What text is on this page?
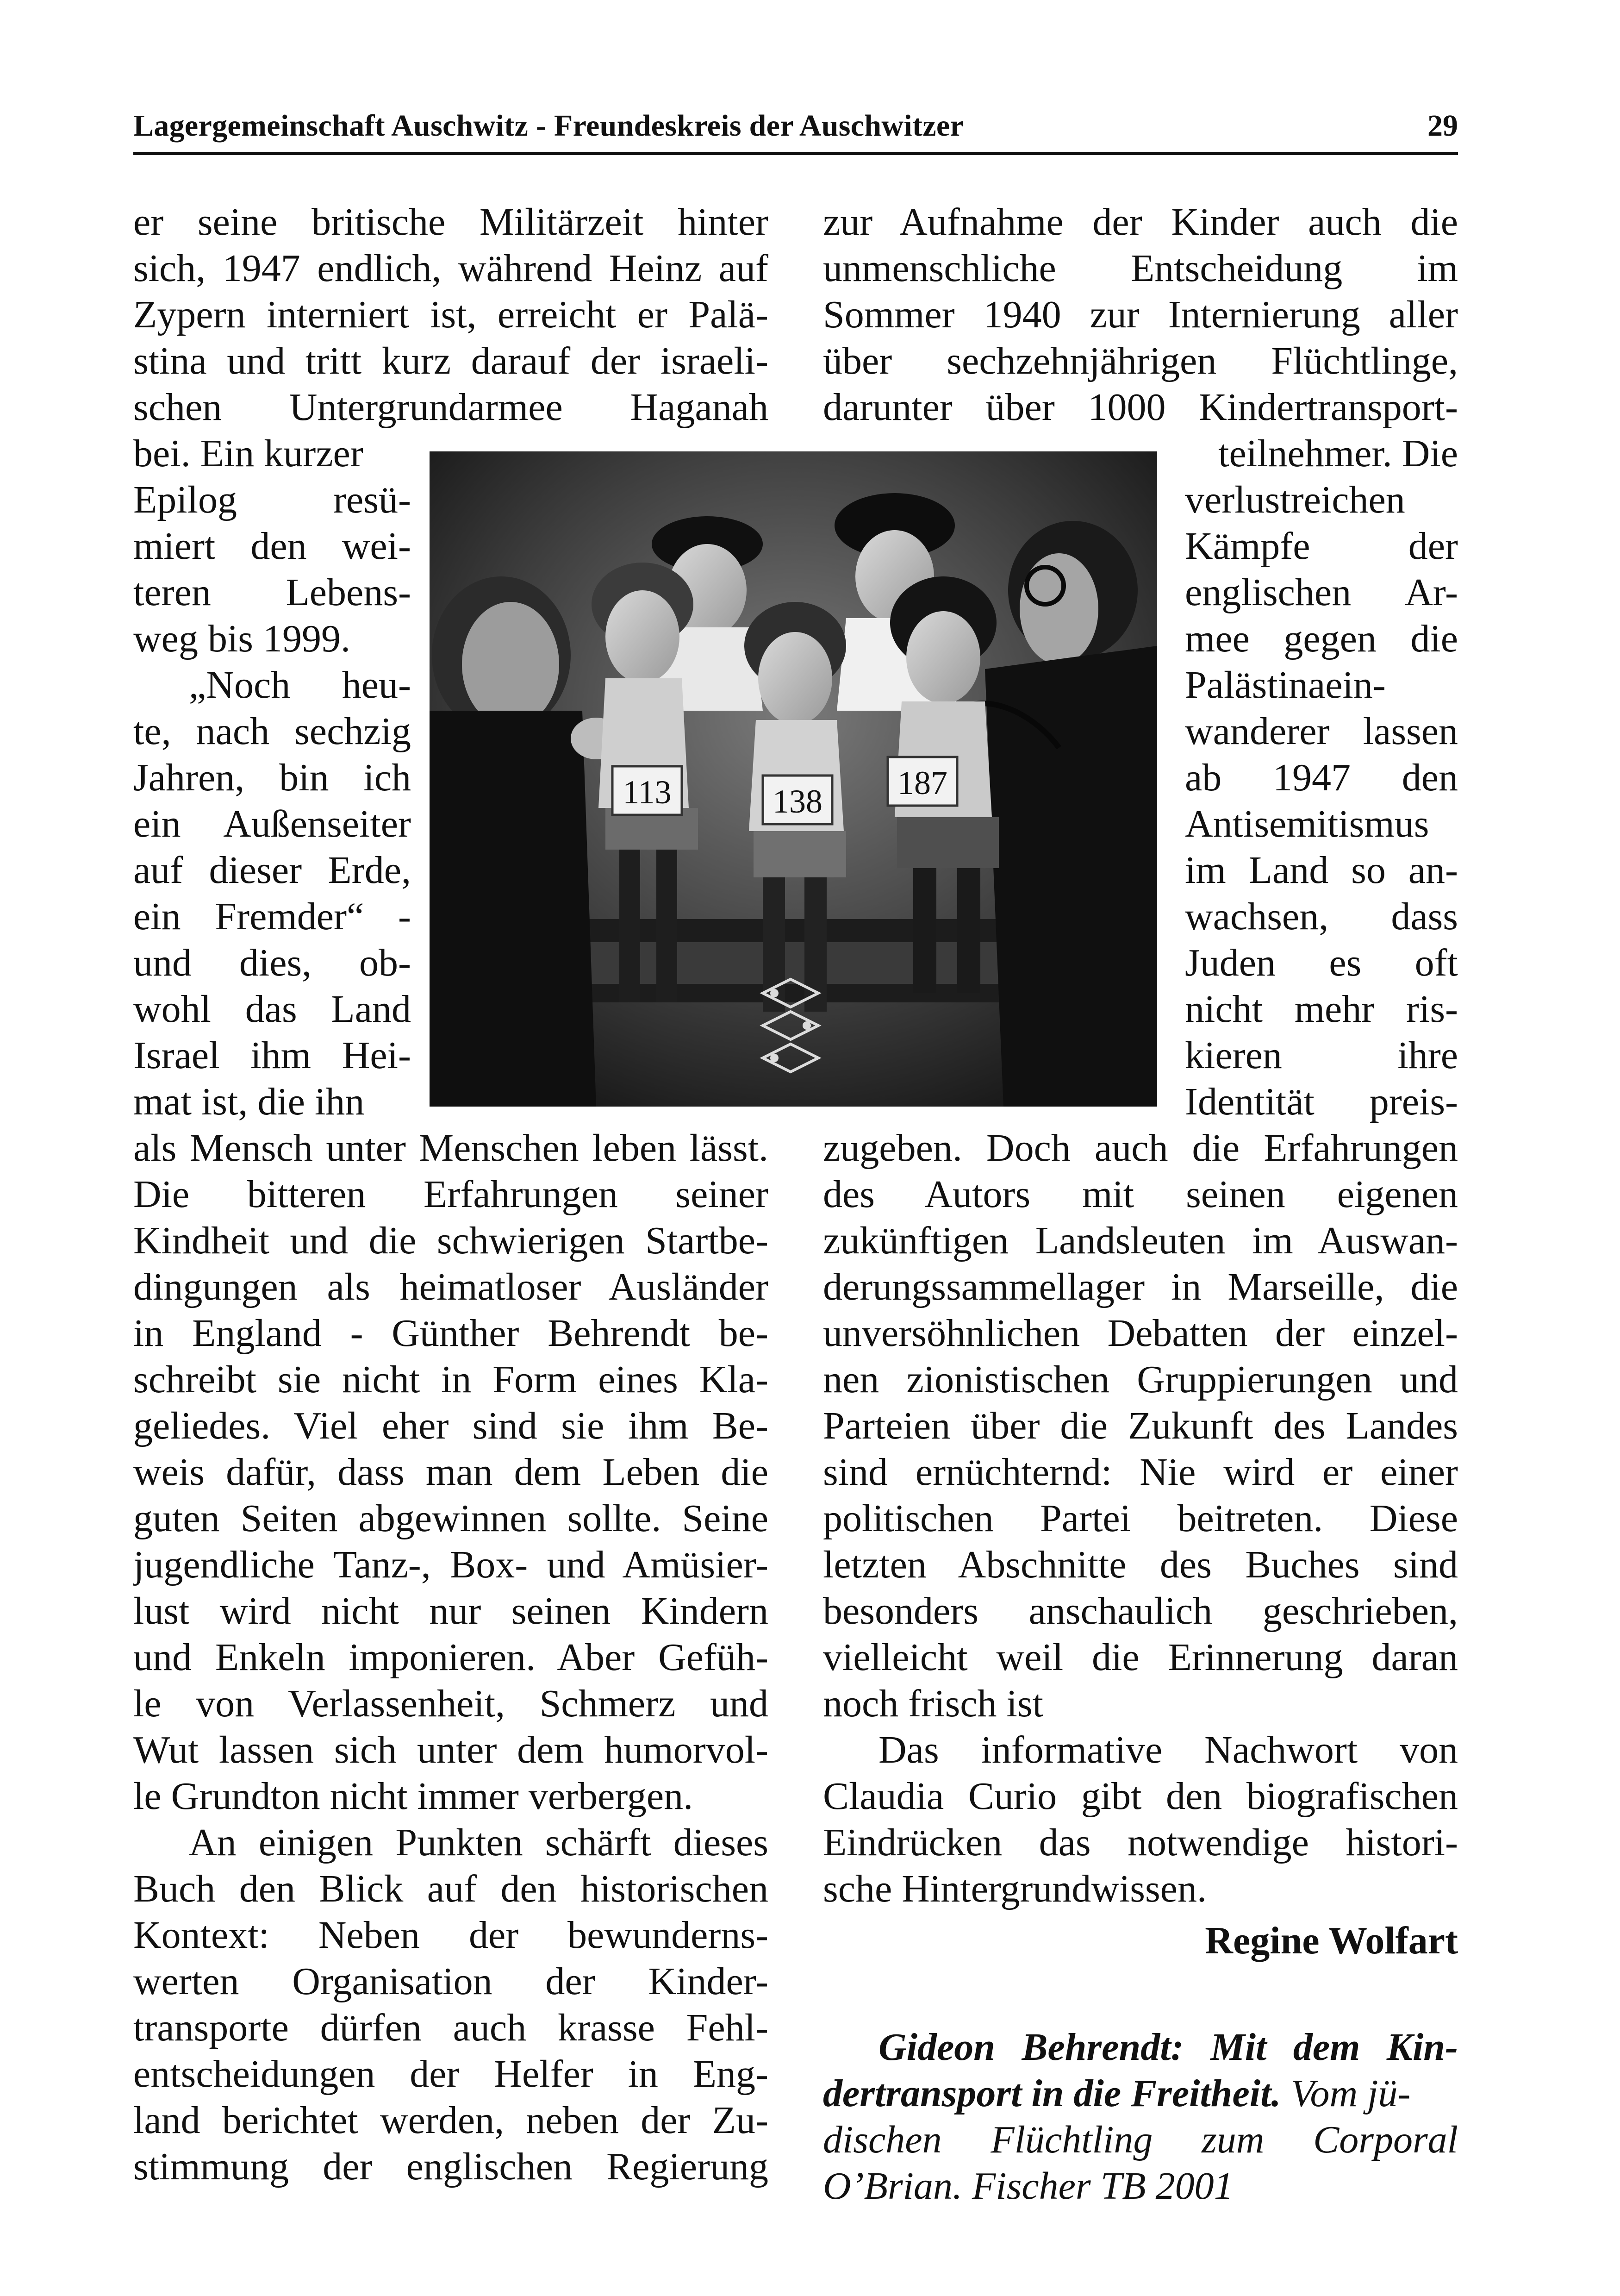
Lagergemeinschaft Auschwitz - Freundeskreis der Auschwitzer	29
er seine britische Militärzeit hinter
sich, 1947 endlich, während Heinz auf
Zypern interniert ist, erreicht er Palä-
stina und tritt kurz darauf der israeli-
schen Untergrundarmee Haganah
bei. Ein kurzer
Epilog resü-
miert den wei-
teren Lebens-
weg bis 1999.
„Noch heu-
te, nach sechzig
Jahren, bin ich
ein Außenseiter
auf dieser Erde,
ein Fremder“ -
und dies, ob-
wohl das Land
Israel ihm Hei-
mat ist, die ihn
als Mensch unter Menschen leben lässt.
Die bitteren Erfahrungen seiner
Kindheit und die schwierigen Startbe-
dingungen als heimatloser Ausländer
in England - Günther Behrendt be-
schreibt sie nicht in Form eines Kla-
geliedes. Viel eher sind sie ihm Be-
weis dafür, dass man dem Leben die
guten Seiten abgewinnen sollte. Seine
jugendliche Tanz-, Box- und Amüsier-
lust wird nicht nur seinen Kindern
und Enkeln imponieren. Aber Gefüh-
le von Verlassenheit, Schmerz und
Wut lassen sich unter dem humorvol-
le Grundton nicht immer verbergen.
An einigen Punkten schärft dieses
Buch den Blick auf den historischen
Kontext: Neben der bewunderns-
werten Organisation der Kinder-
transporte dürfen auch krasse Fehl-
entscheidungen der Helfer in Eng-
land berichtet werden, neben der Zu-
stimmung der englischen Regierung
zur Aufnahme der Kinder auch die
unmenschliche Entscheidung im
Sommer 1940 zur Internierung aller
über sechzehnjährigen Flüchtlinge,
darunter über 1000 Kindertransport-
teilnehmer. Die
verlustreichen
Kämpfe der
englischen Ar-
mee gegen die
Palästinaein-
wanderer lassen
ab 1947 den
Antisemitismus
im Land so an-
wachsen, dass
Juden es oft
nicht mehr ris-
kieren ihre
Identität preis-
zugeben. Doch auch die Erfahrungen
des Autors mit seinen eigenen
zukünftigen Landsleuten im Auswan-
derungssammellager in Marseille, die
unversöhnlichen Debatten der einzel-
nen zionistischen Gruppierungen und
Parteien über die Zukunft des Landes
sind ernüchternd: Nie wird er einer
politischen Partei beitreten. Diese
letzten Abschnitte des Buches sind
besonders anschaulich geschrieben,
vielleicht weil die Erinnerung daran
noch frisch ist
Das informative Nachwort von
Claudia Curio gibt den biografischen
Eindrücken das notwendige histori-
sche Hintergrundwissen.
Regine Wolfart
Gideon Behrendt: Mit dem Kin-
dertransport in die Freitheit. Vom jü-
dischen Flüchtling zum Corporal
O’Brian. Fischer TB 2001
113	138 187
